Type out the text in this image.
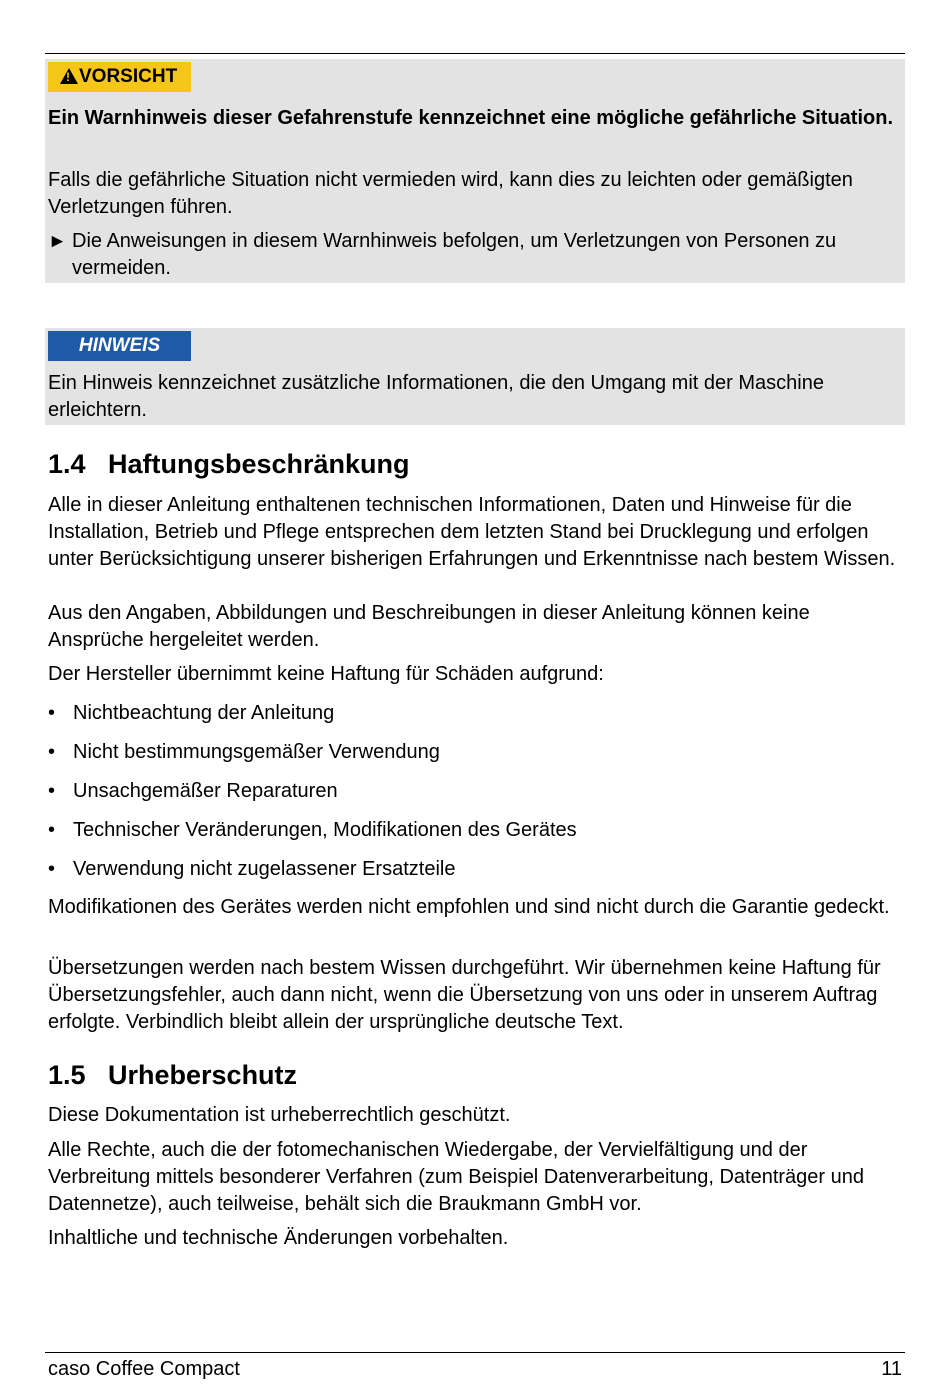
!VORSICHT

Ein Warnhinweis dieser Gefahrenstufe kennzeichnet eine mögliche gefährliche Situation.

Falls die gefährliche Situation nicht vermieden wird, kann dies zu leichten oder gemäßigten Verletzungen führen.

► Die Anweisungen in diesem Warnhinweis befolgen, um Verletzungen von Personen zu vermeiden.
HINWEIS

Ein Hinweis kennzeichnet zusätzliche Informationen, die den Umgang mit der Maschine erleichtern.

1.4 Haftungsbeschränkung

Alle in dieser Anleitung enthaltenen technischen Informationen, Daten und Hinweise für die Installation, Betrieb und Pflege entsprechen dem letzten Stand bei Drucklegung und erfolgen unter Berücksichtigung unserer bisherigen Erfahrungen und Erkenntnisse nach bestem Wissen.

Aus den Angaben, Abbildungen und Beschreibungen in dieser Anleitung können keine Ansprüche hergeleitet werden.

Der Hersteller übernimmt keine Haftung für Schäden aufgrund:

• Nichtbeachtung der Anleitung
• Nicht bestimmungsgemäßer Verwendung
• Unsachgemäßer Reparaturen
• Technischer Veränderungen, Modifikationen des Gerätes
• Verwendung nicht zugelassener Ersatzteile

Modifikationen des Gerätes werden nicht empfohlen und sind nicht durch die Garantie gedeckt.

Übersetzungen werden nach bestem Wissen durchgeführt. Wir übernehmen keine Haftung für Übersetzungsfehler, auch dann nicht, wenn die Übersetzung von uns oder in unserem Auftrag erfolgte. Verbindlich bleibt allein der ursprüngliche deutsche Text.

1.5 Urheberschutz

Diese Dokumentation ist urheberrechtlich geschützt.

Alle Rechte, auch die der fotomechanischen Wiedergabe, der Vervielfältigung und der Verbreitung mittels besonderer Verfahren (zum Beispiel Datenverarbeitung, Datenträger und Datennetze), auch teilweise, behält sich die Braukmann GmbH vor.

Inhaltliche und technische Änderungen vorbehalten.

caso Coffee Compact	11
